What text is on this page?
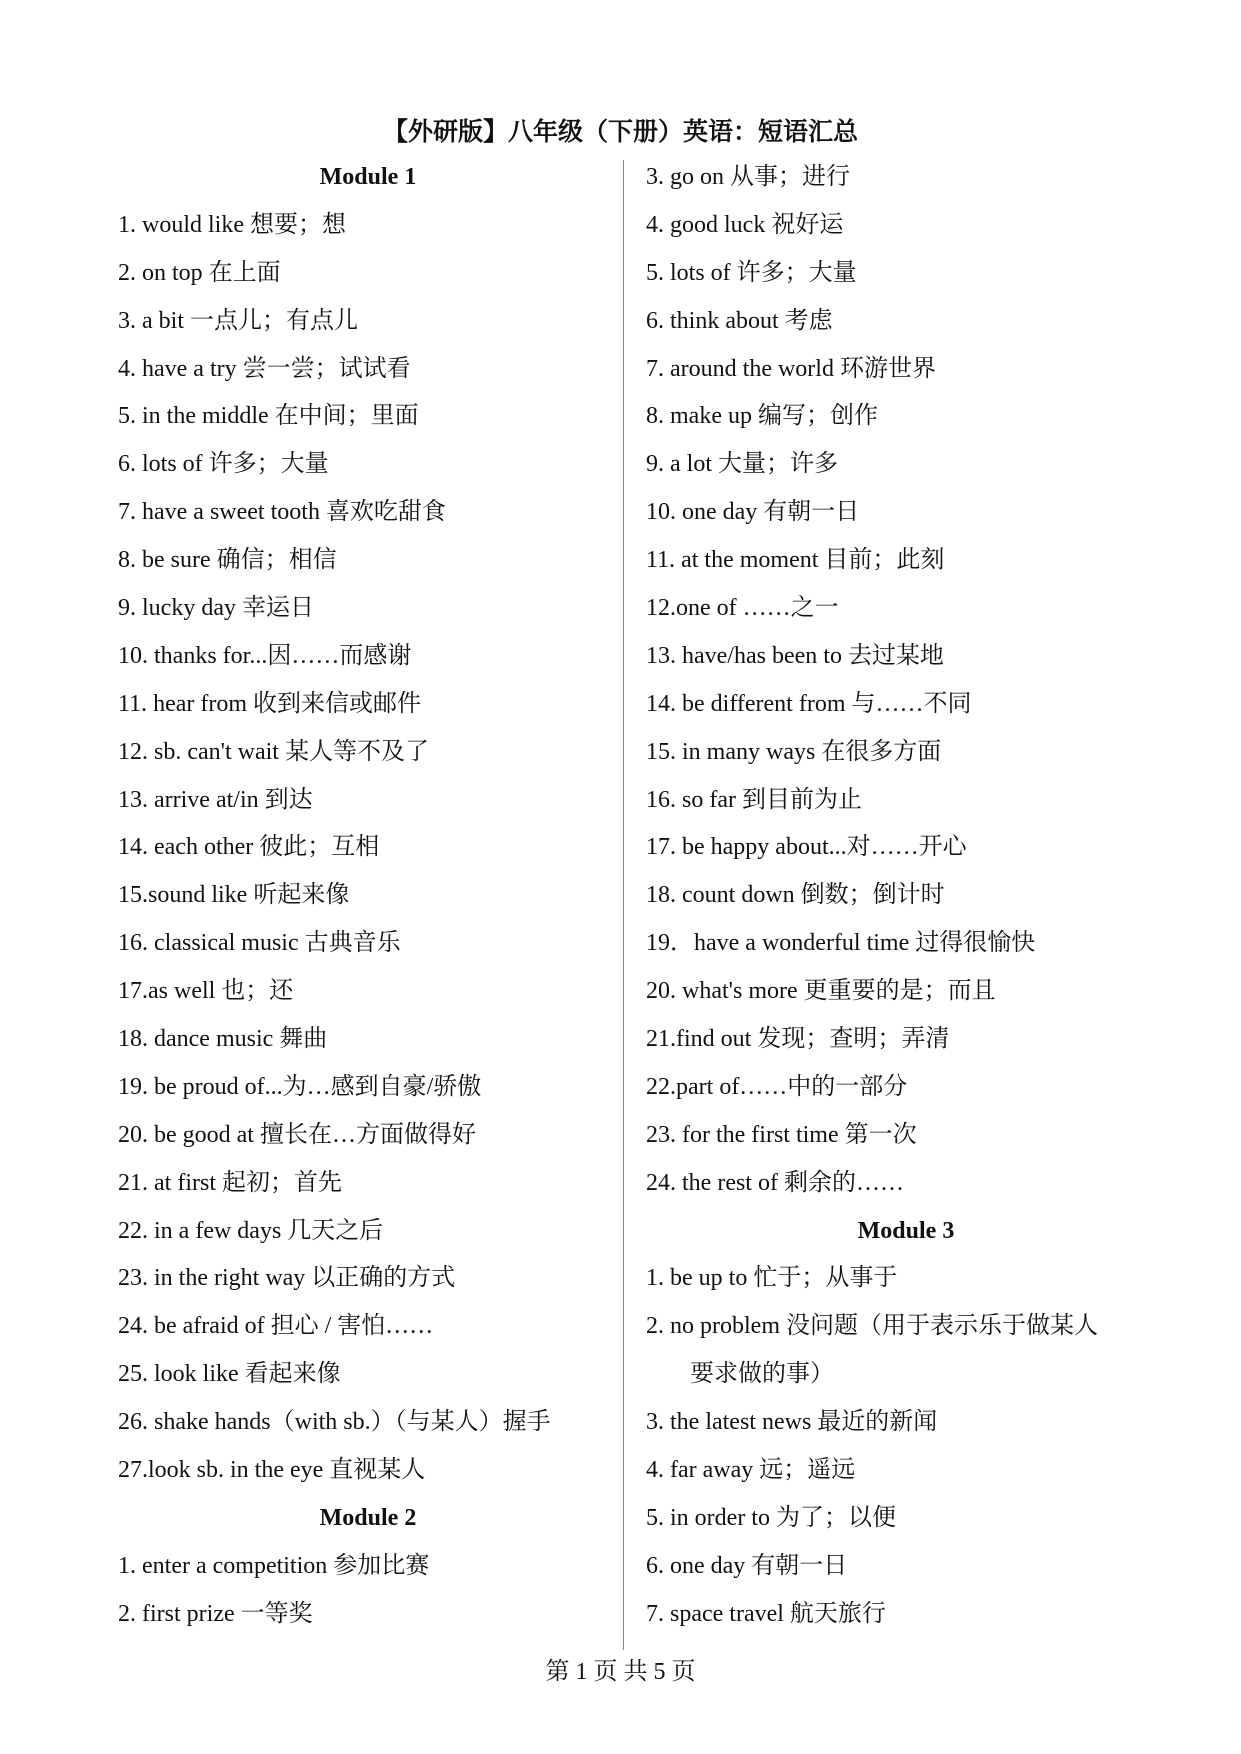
【外研版】八年级（下册）英语：短语汇总
Module 1
1. would like 想要；想
2. on top 在上面
3. a bit 一点儿；有点儿
4. have a try 尝一尝；试试看
5. in the middle 在中间；里面
6. lots of 许多；大量
7. have a sweet tooth 喜欢吃甜食
8. be sure 确信；相信
9. lucky day 幸运日
10. thanks for...因……而感谢
11. hear from 收到来信或邮件
12. sb. can't wait 某人等不及了
13. arrive at/in 到达
14. each other 彼此；互相
15.sound like 听起来像
16. classical music 古典音乐
17.as well 也；还
18. dance music 舞曲
19. be proud of...为…感到自豪/骄傲
20. be good at 擅长在…方面做得好
21. at first 起初；首先
22. in a few days 几天之后
23. in the right way 以正确的方式
24. be afraid of 担心 / 害怕……
25. look like 看起来像
26. shake hands（with sb.）（与某人）握手
27.look sb. in the eye 直视某人
Module 2
1. enter a competition 参加比赛
2. first prize 一等奖
3. go on 从事；进行
4. good luck 祝好运
5. lots of 许多；大量
6. think about 考虑
7. around the world 环游世界
8. make up 编写；创作
9. a lot 大量；许多
10. one day 有朝一日
11. at the moment 目前；此刻
12.one of ……之一
13. have/has been to 去过某地
14. be different from 与……不同
15. in many ways 在很多方面
16. so far 到目前为止
17. be happy about...对……开心
18. count down 倒数；倒计时
19．have a wonderful time 过得很愉快
20. what's more 更重要的是；而且
21.find out 发现；查明；弄清
22.part of……中的一部分
23. for the first time 第一次
24. the rest of 剩余的……
Module 3
1. be up to 忙于；从事于
2. no problem 没问题（用于表示乐于做某人
要求做的事）
3. the latest news 最近的新闻
4. far away 远；遥远
5. in order to 为了；以便
6. one day 有朝一日
7. space travel 航天旅行
第 1 页 共 5 页
